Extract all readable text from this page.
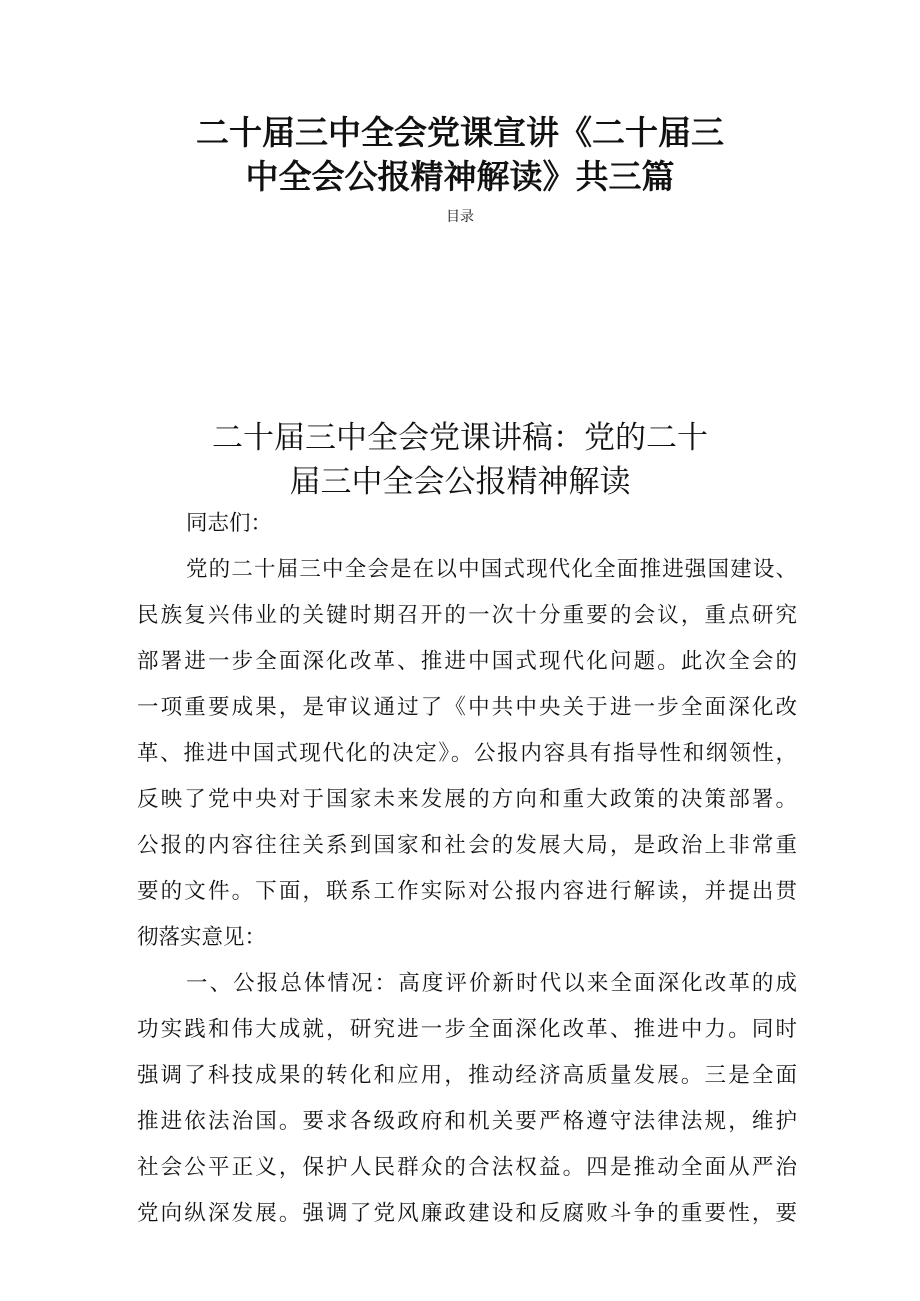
二十届三中全会党课宣讲《二十届三
中全会公报精神解读》共三篇
目录
二十届三中全会党课讲稿：党的二十
届三中全会公报精神解读
同志们：
党的二十届三中全会是在以中国式现代化全面推进强国建设、
民族复兴伟业的关键时期召开的一次十分重要的会议，重点研究
部署进一步全面深化改革、推进中国式现代化问题。此次全会的
一项重要成果，是审议通过了《中共中央关于进一步全面深化改
革、推进中国式现代化的决定》。公报内容具有指导性和纲领性，
反映了党中央对于国家未来发展的方向和重大政策的决策部署。
公报的内容往往关系到国家和社会的发展大局，是政治上非常重
要的文件。下面，联系工作实际对公报内容进行解读，并提出贯
彻落实意见：
一、公报总体情况：高度评价新时代以来全面深化改革的成
功实践和伟大成就，研究进一步全面深化改革、推进中力。同时
强调了科技成果的转化和应用，推动经济高质量发展。三是全面
推进依法治国。要求各级政府和机关要严格遵守法律法规，维护
社会公平正义，保护人民群众的合法权益。四是推动全面从严治
党向纵深发展。强调了党风廉政建设和反腐败斗争的重要性，要
